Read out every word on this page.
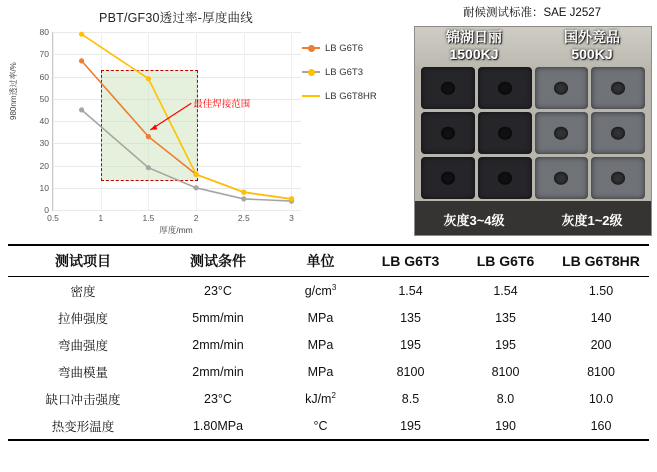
PBT/GF30透过率-厚度曲线
0
10
20
30
40
50
60
70
80
0.5	1	1.5	2	2.5	3
最佳焊接范围
980nm透过率/%
厚度/mm
LB G6T6
LB G6T3
LB G6T8HR
耐候测试标准：SAE J2527
锦湖日丽
1500KJ
国外竞品
500KJ
灰度3~4级	灰度1~2级
测试项目	测试条件	单位	LB G6T3	LB G6T6	LB G6T8HR
密度	23°C	$g/cm^3$	1.54	1.54	1.50
拉伸强度	5mm/min	MPa	135	135	140
弯曲强度	2mm/min	MPa	195	195	200
弯曲模量	2mm/min	MPa	8100	8100	8100
缺口冲击强度	23°C	$kJ/m^2$	8.5	8.0	10.0
热变形温度	1.80MPa	°C	195	190	160
